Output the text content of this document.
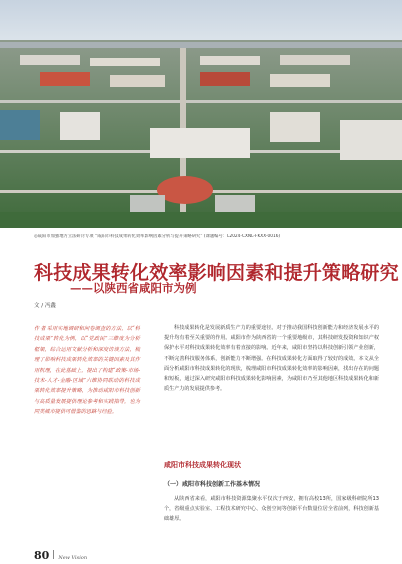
◎咸阳市加强地方立法研讨专项 “咸阳市科技成果转化效率影响因素分析与提升策略研究” (课题编号：L2024-CXNL-FKXX-0016)
科技成果转化效率影响因素和提升策略研究
——以陕西省咸阳市为例
文 / 冯鑫
作者采用实地调研和问卷调查的方法，以“科技成果”转化为例，以“党政民”三维度为分析框架，综合运用文献分析和深度访谈方法，梳理了影响科技成果转化效率的关键因素及其作用机理，在此基础上，提出了构建“政策-市场-技术-人才-金融-区域”六维协同联动的科技成果转化效率提升策略，为推动咸阳市科技创新与高质量发展提供理论参考和实践指导，也为同类城市提供可借鉴的思路与经验。
科技成果转化是发展新质生产力的重要途径。对于推动我国科技创新能力和经济发展水平的提升均有着至关重要的作用。咸阳市作为陕西省的一个重要地级市，其科技研发投资和知识产权保护水平对科技成果转化效率有着直接的影响。近年来，咸阳市坚持以科技创新引领产业创新，不断完善科技服务体系，创新能力不断增强。在科技成果转化方面取得了较好的成效。本文从全面分析咸阳市科技成果转化的现状，梳理咸阳市科技成果转化效率的影响因素，找出存在的问题和短板，通过深入研究咸阳市科技成果转化影响因素，为咸阳市乃至其他地区科技成果转化和新质生产力的发展提供参考。
咸阳市科技成果转化现状
（一）咸阳市科技创新工作基本情况
从陕西省来看，咸阳市科技资源集聚水平仅次于西安，拥有高校13所，国家级科研院所13个，省级重点实验室、工程技术研究中心、众创空间等创新平台数量位居全省前列，科技创新基础雄厚。
80 New Vision
